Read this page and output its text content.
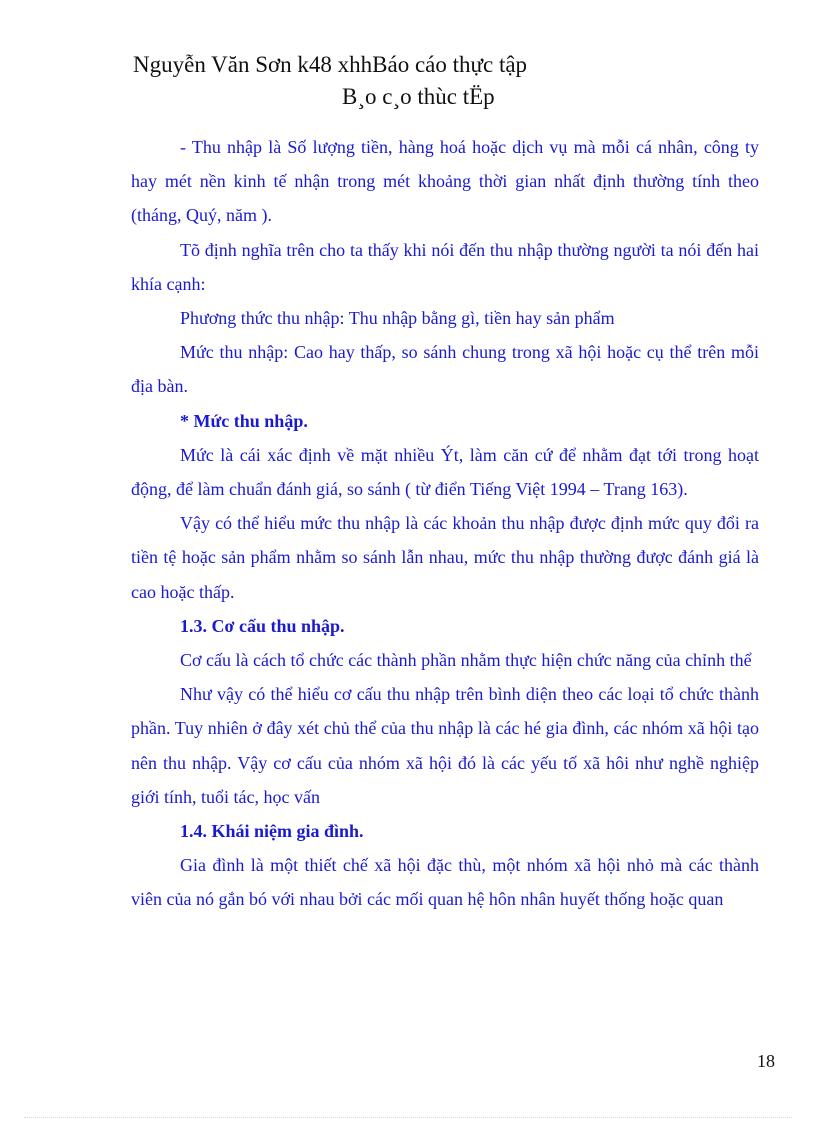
Nguyễn Văn Sơn k48 xhhBáo cáo thực tập
B¸o c¸o thùc tËp

- Thu nhập là Số lượng tiền, hàng hoá hoặc dịch vụ mà mỗi cá nhân, công ty hay mét nền kinh tế nhận trong mét khoảng thời gian nhất định thường tính theo (tháng, Quý, năm ).

Tõ định nghĩa trên cho ta thấy khi nói đến thu nhập thường người ta nói đến hai khía cạnh:

Phương thức thu nhập: Thu nhập bằng gì, tiền hay sản phẩm

Mức thu nhập: Cao hay thấp, so sánh chung trong xã hội hoặc cụ thể trên mỗi địa bàn.

* Mức thu nhập.

Mức là cái xác định về mặt nhiều Ýt, làm căn cứ để nhằm đạt tới trong hoạt động, để làm chuẩn đánh giá, so sánh ( từ điển Tiếng Việt 1994 – Trang 163).

Vậy có thể hiểu mức thu nhập là các khoản thu nhập được định mức quy đổi ra tiền tệ hoặc sản phẩm nhằm so sánh lẫn nhau, mức thu nhập thường được đánh giá là cao hoặc thấp.

1.3. Cơ cấu thu nhập.

Cơ cấu là cách tổ chức các thành phần nhằm thực hiện chức năng của chỉnh thể

Như vậy có thể hiểu cơ cấu thu nhập trên bình diện theo các loại tổ chức thành phần. Tuy nhiên ở đây xét chủ thể của thu nhập là các hé gia đình, các nhóm xã hội tạo nên thu nhập. Vậy cơ cấu của nhóm xã hội đó là các yếu tố xã hôi như nghề nghiệp giới tính, tuổi tác, học vấn

1.4. Khái niệm gia đình.

Gia đình là một thiết chế xã hội đặc thù, một nhóm xã hội nhỏ mà các thành viên của nó gắn bó với nhau bởi các mối quan hệ hôn nhân huyết thống hoặc quan

18
